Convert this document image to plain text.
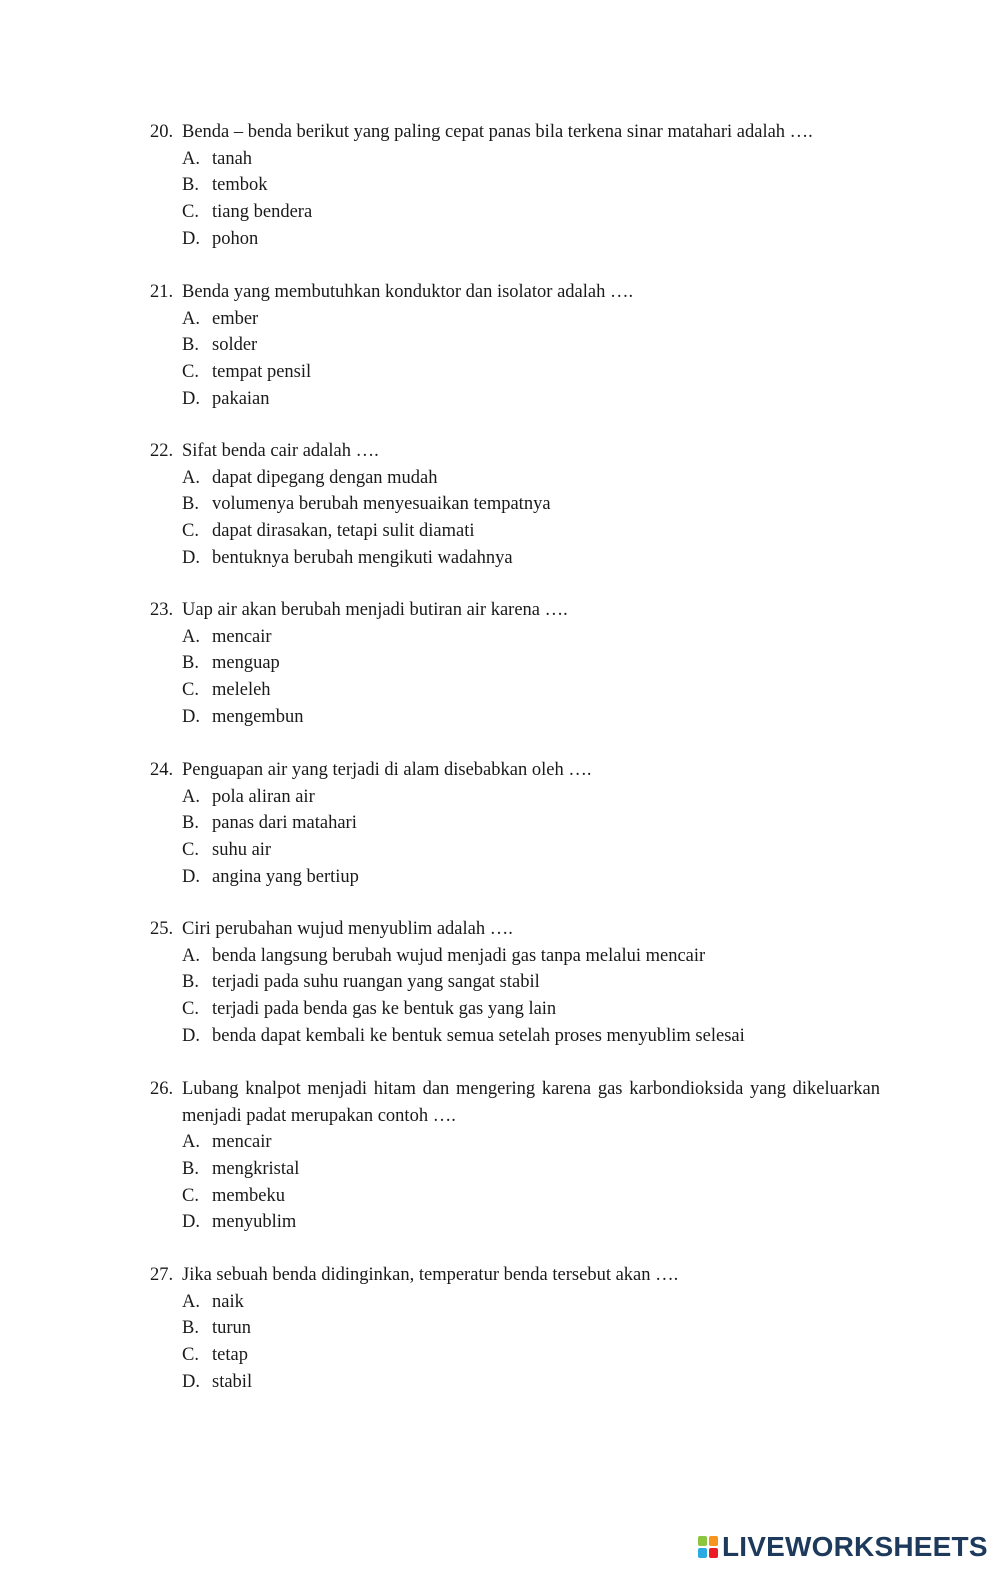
20. Benda – benda berikut yang paling cepat panas bila terkena sinar matahari adalah ….
A. tanah
B. tembok
C. tiang bendera
D. pohon
21. Benda yang membutuhkan konduktor dan isolator adalah ….
A. ember
B. solder
C. tempat pensil
D. pakaian
22. Sifat benda cair adalah ….
A. dapat dipegang dengan mudah
B. volumenya berubah menyesuaikan tempatnya
C. dapat dirasakan, tetapi sulit diamati
D. bentuknya berubah mengikuti wadahnya
23. Uap air akan berubah menjadi butiran air karena ….
A. mencair
B. menguap
C. meleleh
D. mengembun
24. Penguapan air yang terjadi di alam disebabkan oleh ….
A. pola aliran air
B. panas dari matahari
C. suhu air
D. angina yang bertiup
25. Ciri perubahan wujud menyublim adalah ….
A. benda langsung berubah wujud menjadi gas tanpa melalui mencair
B. terjadi pada suhu ruangan yang sangat stabil
C. terjadi pada benda gas ke bentuk gas yang lain
D. benda dapat kembali ke bentuk semua setelah proses menyublim selesai
26. Lubang knalpot menjadi hitam dan mengering karena gas karbondioksida yang dikeluarkan menjadi padat merupakan contoh ….
A. mencair
B. mengkristal
C. membeku
D. menyublim
27. Jika sebuah benda didinginkan, temperatur benda tersebut akan ….
A. naik
B. turun
C. tetap
D. stabil
LIVEWORKSHEETS
